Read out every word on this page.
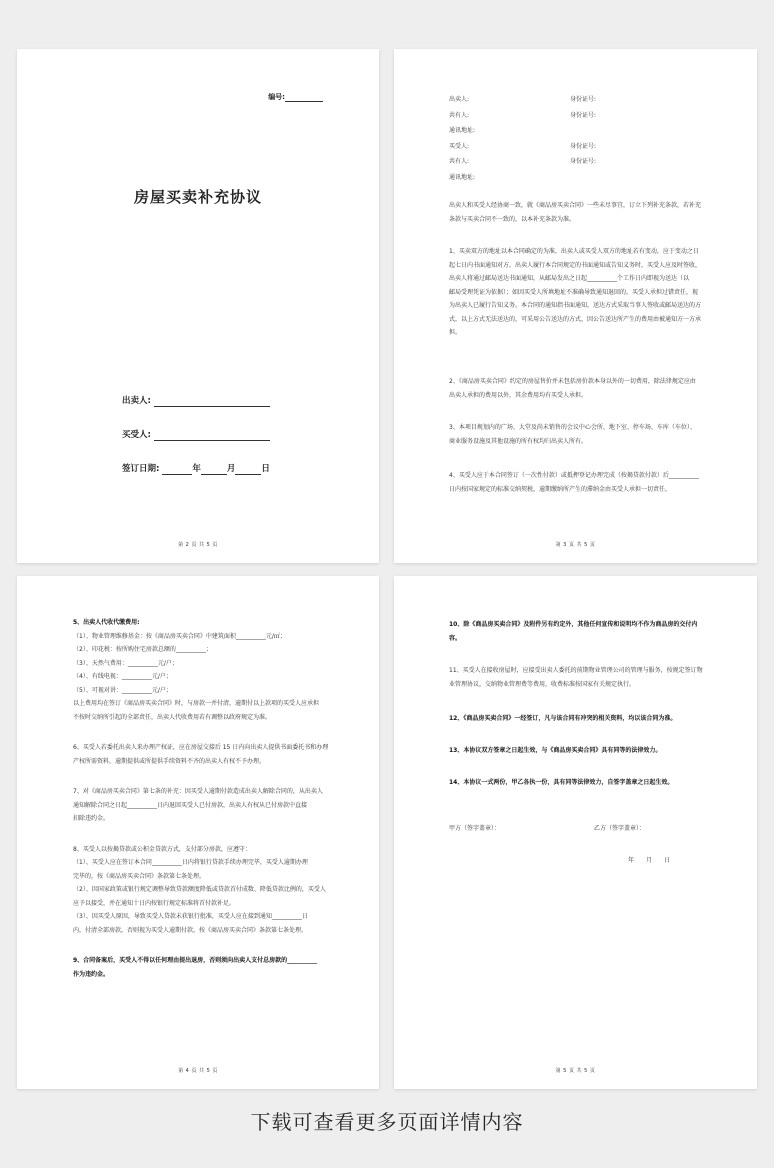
编号:
房屋买卖补充协议
出卖人:
买受人:
签订日期:	年	月	日
第 2 页 共 5 页
出卖人:	身份证号:
共有人:	身份证号:
通讯地址:
买受人:	身份证号:
共有人:	身份证号:
通讯地址:
出卖人和买受人经协商一致，就《商品房买卖合同》一些未尽事宜，订立下列补充条款，若补充
条款与买卖合同不一致的，以本补充条款为准。
1、买卖双方的地址以本合同确定的为准，出卖人或买受人双方的地址若有变动，应于变动之日
起七日内书面通知对方。出卖人履行本合同规定的书面通知或告知义务时，买受人应及时签收，
出卖人将通过邮局送达书面通知，从邮局发出之日起__________个工作日内即视为送达（以
邮局受理凭证为依据）；如因买受人所填地址不准确导致通知退回的，买受人承担过错责任，视
为出卖人已履行告知义务。本合同的通知指书面通知，送达方式采取当事人签收或邮局送达的方
式，以上方式无法送达的，可采用公告送达的方式，因公告送达所产生的费用由被通知方一方承
担。
2、《商品房买卖合同》约定的房屋售价并未包括房价款本身以外的一切费用，除法律规定应由
出卖人承担的费用以外，其余费用均有买受人承担。
3、本项目规划内的广场、大堂及尚未销售的会议中心会所、地下室、停车场、车库（车位）、
商业服务设施及其他设施的所有权均归出卖人所有。
4、买受人应于本合同签订（一次性付款）或抵押登记办理完成（按揭贷款付款）后__________
日内按国家规定的标准交纳契税，逾期缴纳所产生的滞纳金由买受人承担一切责任。
第 3 页 共 5 页
5、出卖人代收代缴费用:
（1）、物业管理维修基金：按《商品房买卖合同》中建筑面积__________元/㎡；
（2）、印花税：按所购住宅房款总额的__________；
（3）、天然气费用：__________元/户；
（4）、有线电视：__________元/户；
（5）、可视对讲：__________元/户；
以上费用均在签订《商品房买卖合同》时，与房款一并付清，逾期付以上款项的买受人应承担
不按时交纳所引起的全部责任，出卖人代收费用若有调整以政府规定为准。
6、买受人若委托出卖人来办理产权证，应在房屋交接后 15 日内向出卖人提供书面委托书和办理
产权所需资料，逾期提供或所提供手续资料不齐的出卖人有权不予办理。
7、对《商品房买卖合同》第七条的补充：因买受人逾期付款造成出卖人解除合同的，从出卖人
通知解除合同之日起__________日内退回买受人已付房款，出卖人有权从已付房款中直接
扣除违约金。
8、买受人以按揭贷款或公积金贷款方式，支付部分房款，应遵守：
（1）、买受人应在签订本合同__________日内将银行贷款手续办理完毕，买受人逾期办理
完毕的，按《商品房买卖合同》条款第七条处理。
（2）、因国家政策或银行规定调整导致贷款额度降低或贷款首付成数、降低贷款比例的，买受人
应予以接受，并在通知十日内按银行规定标准将首付款补足。
（3）、因买受人原因，导致买受人贷款未获银行批准，买受人应在接到通知__________日
内，付清全部房款，否则视为买受人逾期付款，按《商品房买卖合同》条款第七条处理。
9、合同备案后，买受人不得以任何理由提出退房，否则须向出卖人支付总房款的__________
作为违约金。
第 4 页 共 5 页
10、除《商品房买卖合同》及附件另有约定外，其他任何宣传和说明均不作为商品房的交付内
容。
11、买受人在接收房屋时，应接受出卖人委托的前期物业管理公司的管理与服务，按规定签订物
业管理协议，交纳物业管理费等费用，收费标准按国家有关规定执行。
12、《商品房买卖合同》一经签订，凡与该合同有冲突的相关资料，均以该合同为准。
13、本协议双方签章之日起生效，与《商品房买卖合同》具有同等的法律效力。
14、本协议一式两份，甲乙各执一份，具有同等法律效力，自签字盖章之日起生效。
甲方（签字盖章）：	乙方（签字盖章）：
年　　月　　日
第 5 页 共 5 页
下载可查看更多页面详情内容
